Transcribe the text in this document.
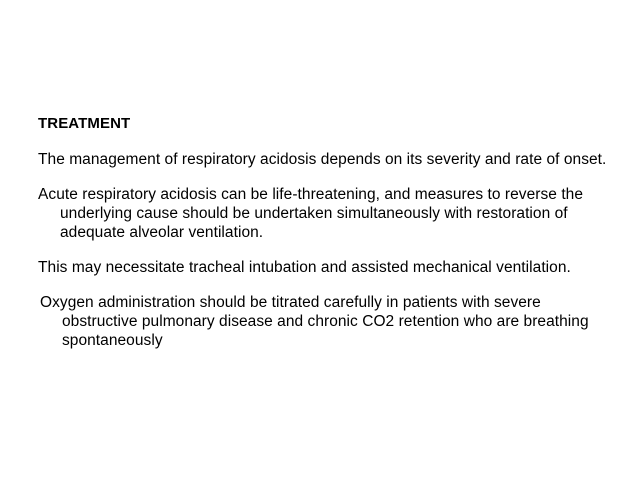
TREATMENT
The management of respiratory acidosis depends on its severity and rate of onset.
Acute respiratory acidosis can be life-threatening, and measures to reverse the underlying cause should be undertaken simultaneously with restoration of adequate alveolar ventilation.
This may necessitate tracheal intubation and assisted mechanical ventilation.
Oxygen administration should be titrated carefully in patients with severe obstructive pulmonary disease and chronic CO2 retention who are breathing spontaneously
